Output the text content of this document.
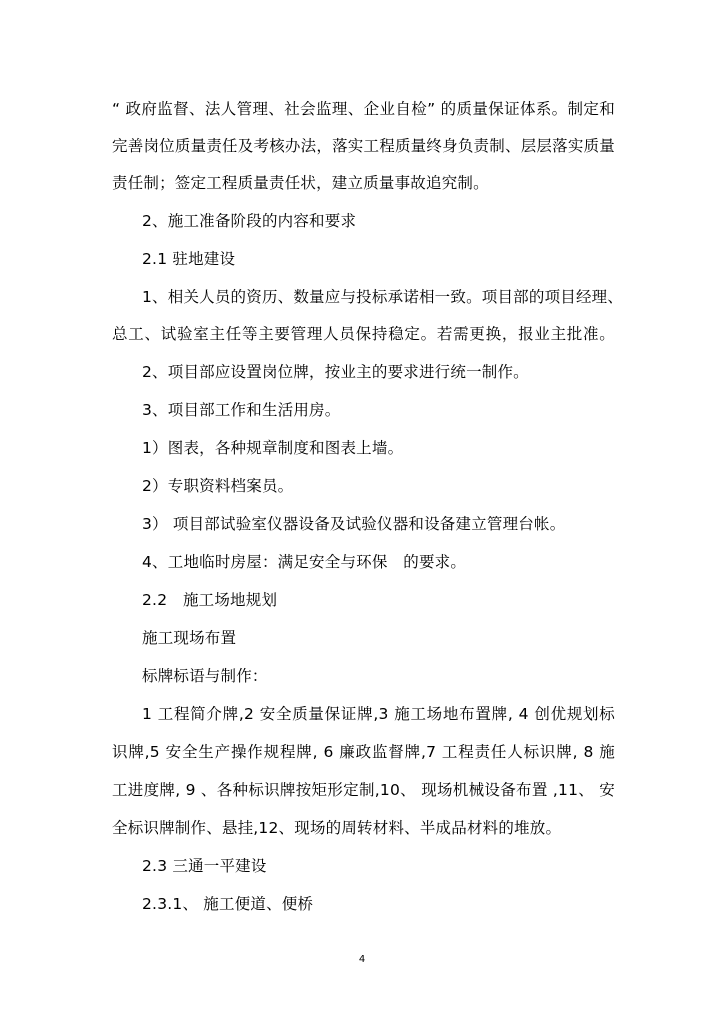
“ 政府监督、法人管理、社会监理、企业自检” 的质量保证体系。制定和
完善岗位质量责任及考核办法，落实工程质量终身负责制、层层落实质量
责任制；签定工程质量责任状，建立质量事故追究制。
2、施工准备阶段的内容和要求
2.1 驻地建设
1、相关人员的资历、数量应与投标承诺相一致。项目部的项目经理、
总工、试验室主任等主要管理人员保持稳定。若需更换，报业主批准。
2、项目部应设置岗位牌，按业主的要求进行统一制作。
3、项目部工作和生活用房。
1）图表，各种规章制度和图表上墙。
2）专职资料档案员。
3） 项目部试验室仪器设备及试验仪器和设备建立管理台帐。
4、工地临时房屋：满足安全与环保　的要求。
2.2　施工场地规划
施工现场布置
标牌标语与制作：
1 工程简介牌,2 安全质量保证牌,3 施工场地布置牌, 4 创优规划标
识牌,5 安全生产操作规程牌, 6 廉政监督牌,7 工程责任人标识牌, 8 施
工进度牌, 9 、各种标识牌按矩形定制,10、 现场机械设备布置 ,11、 安
全标识牌制作、悬挂,12、现场的周转材料、半成品材料的堆放。
2.3 三通一平建设
2.3.1、 施工便道、便桥
4
